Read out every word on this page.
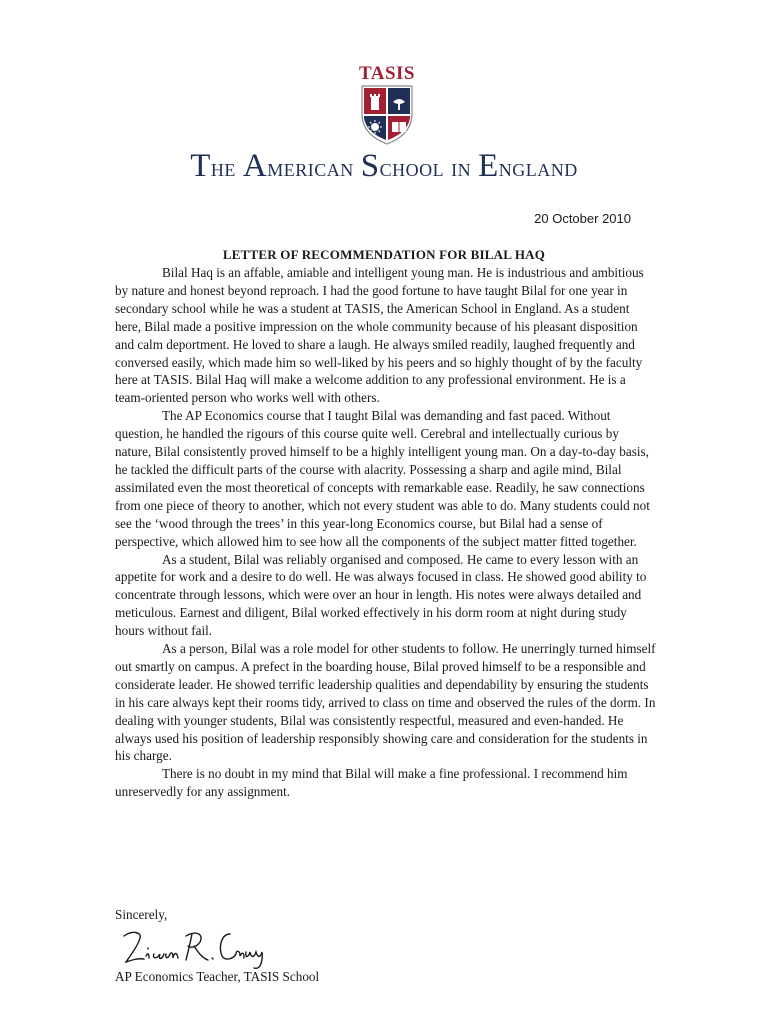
TASIS
The American School in England
20 October 2010
LETTER OF RECOMMENDATION FOR BILAL HAQ

Bilal Haq is an affable, amiable and intelligent young man. He is industrious and ambitious by nature and honest beyond reproach. I had the good fortune to have taught Bilal for one year in secondary school while he was a student at TASIS, the American School in England. As a student here, Bilal made a positive impression on the whole community because of his pleasant disposition and calm deportment. He loved to share a laugh. He always smiled readily, laughed frequently and conversed easily, which made him so well-liked by his peers and so highly thought of by the faculty here at TASIS. Bilal Haq will make a welcome addition to any professional environment. He is a team-oriented person who works well with others.

The AP Economics course that I taught Bilal was demanding and fast paced. Without question, he handled the rigours of this course quite well. Cerebral and intellectually curious by nature, Bilal consistently proved himself to be a highly intelligent young man. On a day-to-day basis, he tackled the difficult parts of the course with alacrity. Possessing a sharp and agile mind, Bilal assimilated even the most theoretical of concepts with remarkable ease. Readily, he saw connections from one piece of theory to another, which not every student was able to do. Many students could not see the ‘wood through the trees’ in this year-long Economics course, but Bilal had a sense of perspective, which allowed him to see how all the components of the subject matter fitted together.

As a student, Bilal was reliably organised and composed. He came to every lesson with an appetite for work and a desire to do well. He was always focused in class. He showed good ability to concentrate through lessons, which were over an hour in length. His notes were always detailed and meticulous. Earnest and diligent, Bilal worked effectively in his dorm room at night during study hours without fail.

As a person, Bilal was a role model for other students to follow. He unerringly turned himself out smartly on campus. A prefect in the boarding house, Bilal proved himself to be a responsible and considerate leader. He showed terrific leadership qualities and dependability by ensuring the students in his care always kept their rooms tidy, arrived to class on time and observed the rules of the dorm. In dealing with younger students, Bilal was consistently respectful, measured and even-handed. He always used his position of leadership responsibly showing care and consideration for the students in his charge.

There is no doubt in my mind that Bilal will make a fine professional. I recommend him unreservedly for any assignment.

Sincerely,
AP Economics Teacher, TASIS School
